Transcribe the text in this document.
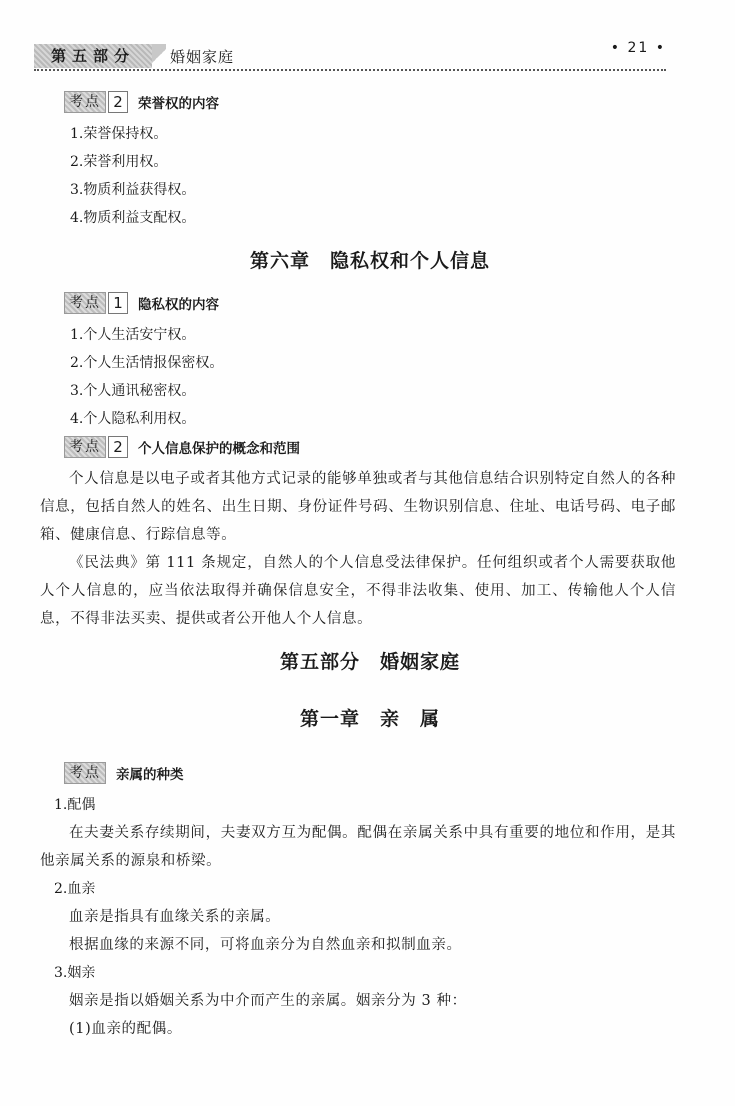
第五部分	婚姻家庭	• 21 •
考点 2	荣誉权的内容
1.荣誉保持权。
2.荣誉利用权。
3.物质利益获得权。
4.物质利益支配权。
第六章　隐私权和个人信息
考点 1	隐私权的内容
1.个人生活安宁权。
2.个人生活情报保密权。
3.个人通讯秘密权。
4.个人隐私利用权。
考点 2	个人信息保护的概念和范围
个人信息是以电子或者其他方式记录的能够单独或者与其他信息结合识别特定自然人的各种信息，包括自然人的姓名、出生日期、身份证件号码、生物识别信息、住址、电话号码、电子邮箱、健康信息、行踪信息等。
《民法典》第 111 条规定，自然人的个人信息受法律保护。任何组织或者个人需要获取他人个人信息的，应当依法取得并确保信息安全，不得非法收集、使用、加工、传输他人个人信息，不得非法买卖、提供或者公开他人个人信息。
第五部分　婚姻家庭
第一章　亲　属
考点	亲属的种类
1.配偶
在夫妻关系存续期间，夫妻双方互为配偶。配偶在亲属关系中具有重要的地位和作用，是其他亲属关系的源泉和桥梁。
2.血亲
血亲是指具有血缘关系的亲属。
根据血缘的来源不同，可将血亲分为自然血亲和拟制血亲。
3.姻亲
姻亲是指以婚姻关系为中介而产生的亲属。姻亲分为 3 种：
(1)血亲的配偶。
